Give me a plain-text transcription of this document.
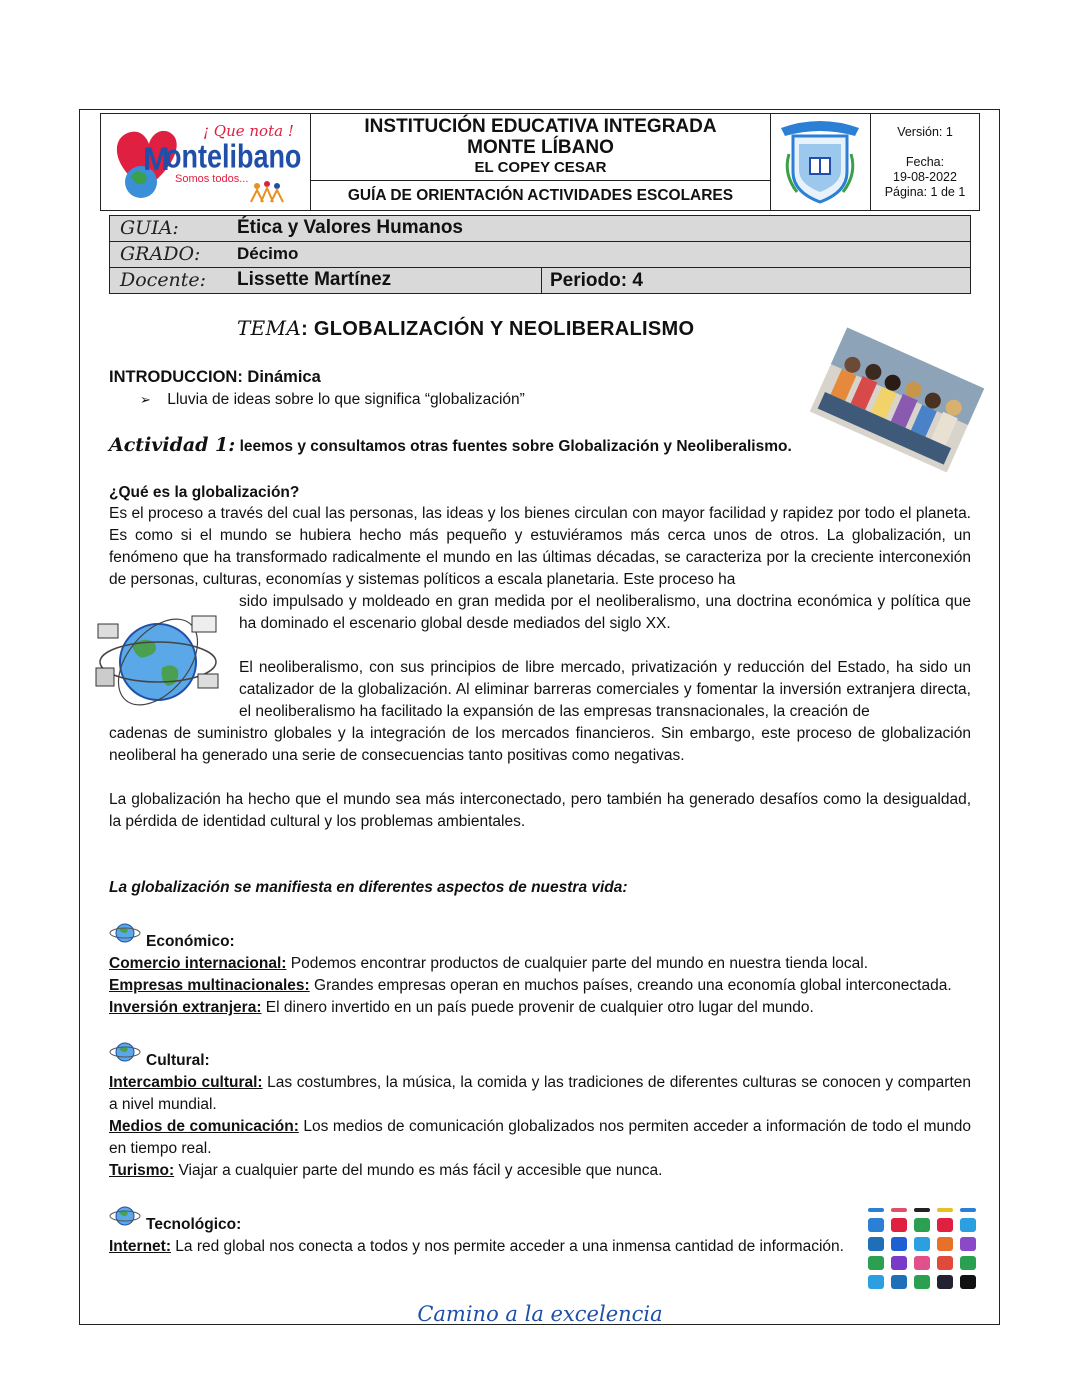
M
ontelibano
¡ Que nota !
Somos todos...
INSTITUCIÓN EDUCATIVA INTEGRADA
MONTE LÍBANO
EL COPEY CESAR
GUÍA DE ORIENTACIÓN ACTIVIDADES ESCOLARES
Versión: 1
Fecha:
19-08-2022
Página: 1 de 1
GUIA:	Ética y Valores Humanos
GRADO: Décimo
Docente: Lissette Martínez	Periodo: 4
TEMA: GLOBALIZACIÓN Y NEOLIBERALISMO
INTRODUCCION: Dinámica
➢ Lluvia de ideas sobre lo que significa “globalización”
Actividad 1: leemos y consultamos otras fuentes sobre Globalización y Neoliberalismo.
¿Qué es la globalización?
Es el proceso a través del cual las personas, las ideas y los bienes circulan con mayor facilidad y rapidez por todo el planeta. Es como si el mundo se hubiera hecho más pequeño y estuviéramos más cerca unos de otros. La globalización, un fenómeno que ha transformado radicalmente el mundo en las últimas décadas, se caracteriza por la creciente interconexión de personas, culturas, economías y sistemas políticos a escala planetaria. Este proceso ha
sido impulsado y moldeado en gran medida por el neoliberalismo, una doctrina económica y política que ha dominado el escenario global desde mediados del siglo XX.
El neoliberalismo, con sus principios de libre mercado, privatización y reducción del Estado, ha sido un catalizador de la globalización. Al eliminar barreras comerciales y fomentar la inversión extranjera directa, el neoliberalismo ha facilitado la expansión de las empresas transnacionales, la creación de
cadenas de suministro globales y la integración de los mercados financieros. Sin embargo, este proceso de globalización neoliberal ha generado una serie de consecuencias tanto positivas como negativas.
La globalización ha hecho que el mundo sea más interconectado, pero también ha generado desafíos como la desigualdad, la pérdida de identidad cultural y los problemas ambientales.
La globalización se manifiesta en diferentes aspectos de nuestra vida:
Económico:
Comercio internacional: Podemos encontrar productos de cualquier parte del mundo en nuestra tienda local.
Empresas multinacionales: Grandes empresas operan en muchos países, creando una economía global interconectada.
Inversión extranjera: El dinero invertido en un país puede provenir de cualquier otro lugar del mundo.
Cultural:
Intercambio cultural: Las costumbres, la música, la comida y las tradiciones de diferentes culturas se conocen y comparten a nivel mundial.
Medios de comunicación: Los medios de comunicación globalizados nos permiten acceder a información de todo el mundo en tiempo real.
Turismo: Viajar a cualquier parte del mundo es más fácil y accesible que nunca.
Tecnológico:
Internet: La red global nos conecta a todos y nos permite acceder a una inmensa cantidad de información.
Camino a la excelencia
